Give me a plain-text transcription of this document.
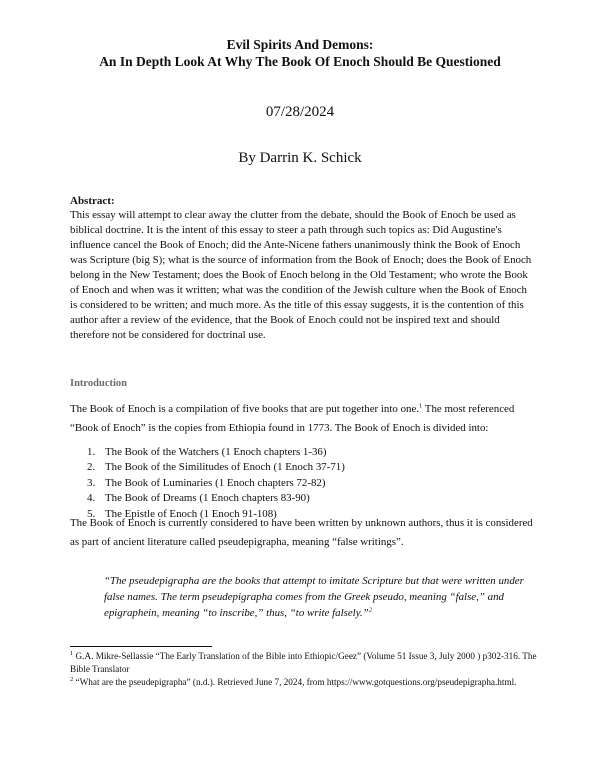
Evil Spirits And Demons:
An In Depth Look At Why The Book Of Enoch Should Be Questioned
07/28/2024
By Darrin K. Schick
Abstract:

This essay will attempt to clear away the clutter from the debate, should the Book of Enoch be used as biblical doctrine. It is the intent of this essay to steer a path through such topics as: Did Augustine's influence cancel the Book of Enoch; did the Ante-Nicene fathers unanimously think the Book of Enoch was Scripture (big S); what is the source of information from the Book of Enoch; does the Book of Enoch belong in the New Testament; does the Book of Enoch belong in the Old Testament; who wrote the Book of Enoch and when was it written; what was the condition of the Jewish culture when the Book of Enoch is considered to be written; and much more. As the title of this essay suggests, it is the contention of this author after a review of the evidence, that the Book of Enoch could not be inspired text and should therefore not be considered for doctrinal use.

Introduction

The Book of Enoch is a compilation of five books that are put together into one.$^1$ The most referenced “Book of Enoch” is the copies from Ethiopia found in 1773. The Book of Enoch is divided into:

1. The Book of the Watchers (1 Enoch chapters 1-36)
2. The Book of the Similitudes of Enoch (1 Enoch 37-71)
3. The Book of Luminaries (1 Enoch chapters 72-82)
4. The Book of Dreams (1 Enoch chapters 83-90)
5. The Epistle of Enoch (1 Enoch 91-108)

The Book of Enoch is currently considered to have been written by unknown authors, thus it is considered as part of ancient literature called pseudepigrapha, meaning “false writings”.

“The pseudepigrapha are the books that attempt to imitate Scripture but that were written under false names. The term pseudepigrapha comes from the Greek pseudo, meaning “false,” and epigraphein, meaning “to inscribe,” thus, “to write falsely.”$^2$

$^1$ G.A. Mikre-Sellassie “The Early Translation of the Bible into Ethiopic/Geez” (Volume 51 Issue 3, July 2000 ) p302-316. The Bible Translator

$^2$ “What are the pseudepigrapha” (n.d.). Retrieved June 7, 2024, from https://www.gotquestions.org/pseudepigrapha.html.
